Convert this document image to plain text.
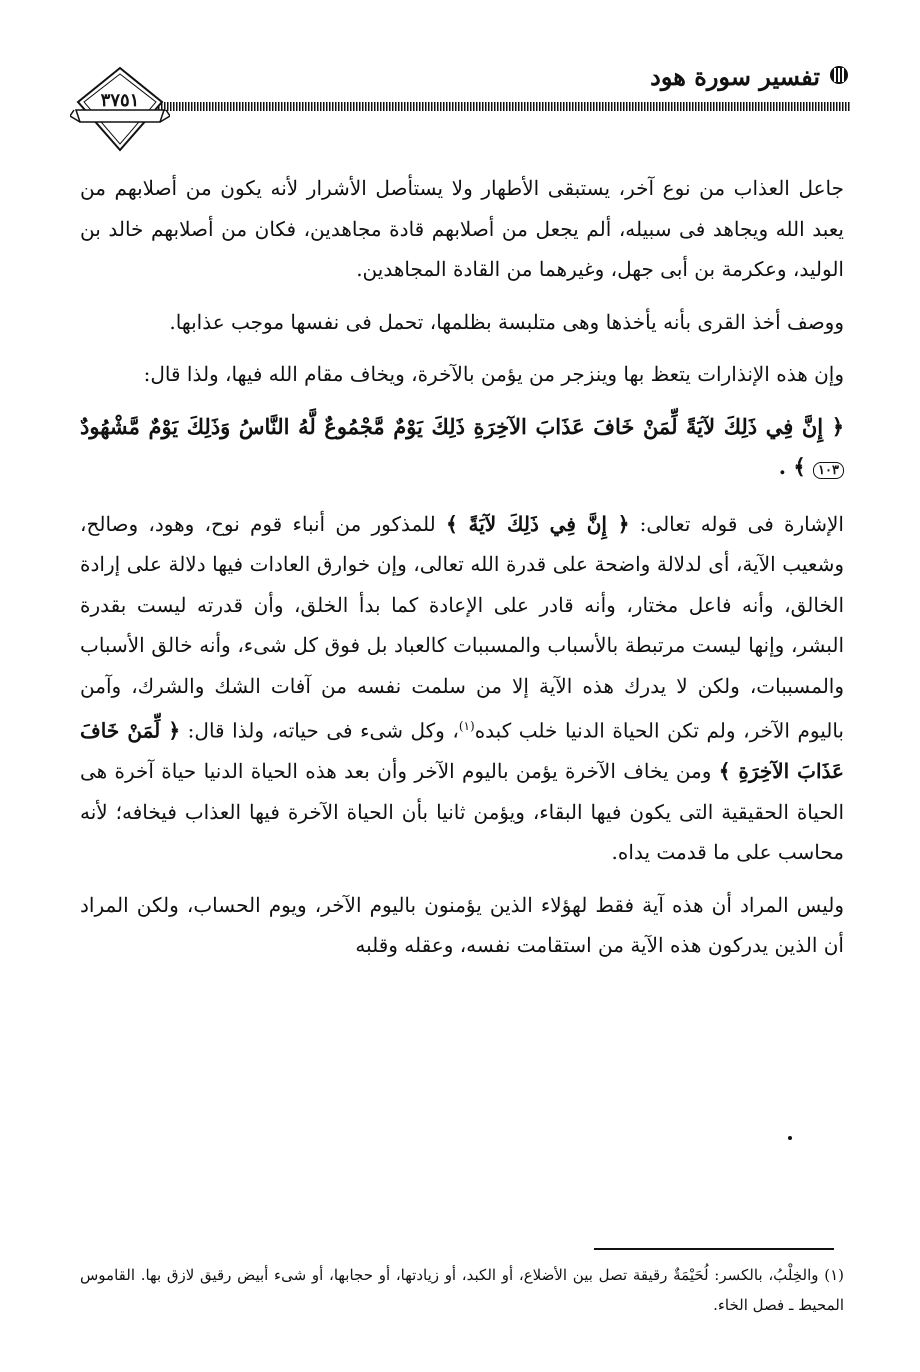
تفسير سورة هود
٣٧٥١

جاعل العذاب من نوع آخر، يستبقى الأطهار ولا يستأصل الأشرار لأنه يكون من أصلابهم من يعبد الله ويجاهد فى سبيله، ألم يجعل من أصلابهم قادة مجاهدين، فكان من أصلابهم خالد بن الوليد، وعكرمة بن أبى جهل، وغيرهما من القادة المجاهدين.

ووصف أخذ القرى بأنه يأخذها وهى متلبسة بظلمها، تحمل فى نفسها موجب عذابها.

وإن هذه الإنذارات يتعظ بها وينزجر من يؤمن بالآخرة، ويخاف مقام الله فيها، ولذا قال:

﴿ إِنَّ فِي ذَلِكَ لآيَةً لِّمَنْ خَافَ عَذَابَ الآخِرَةِ ذَلِكَ يَوْمٌ مَّجْمُوعٌ لَّهُ النَّاسُ وَذَلِكَ يَوْمٌ مَّشْهُودٌ ١٠٣ ﴾ .

الإشارة فى قوله تعالى: ﴿ إِنَّ فِي ذَلِكَ لآيَةً ﴾ للمذكور من أنباء قوم نوح، وهود، وصالح، وشعيب الآية، أى لدلالة واضحة على قدرة الله تعالى، وإن خوارق العادات فيها دلالة على إرادة الخالق، وأنه فاعل مختار، وأنه قادر على الإعادة كما بدأ الخلق، وأن قدرته ليست بقدرة البشر، وإنها ليست مرتبطة بالأسباب والمسببات كالعباد بل فوق كل شىء، وأنه خالق الأسباب والمسببات، ولكن لا يدرك هذه الآية إلا من سلمت نفسه من آفات الشك والشرك، وآمن باليوم الآخر، ولم تكن الحياة الدنيا خلب كبده$^{(١)}$، وكل شىء فى حياته، ولذا قال: ﴿ لِّمَنْ خَافَ عَذَابَ الآخِرَةِ ﴾ ومن يخاف الآخرة يؤمن باليوم الآخر وأن بعد هذه الحياة الدنيا حياة آخرة هى الحياة الحقيقية التى يكون فيها البقاء، ويؤمن ثانيا بأن الحياة الآخرة فيها العذاب فيخافه؛ لأنه محاسب على ما قدمت يداه.

وليس المراد أن هذه آية فقط لهؤلاء الذين يؤمنون باليوم الآخر، ويوم الحساب، ولكن المراد أن الذين يدركون هذه الآية من استقامت نفسه، وعقله وقلبه

(١) والخِلْبُ، بالكسر: لُحَيْمَةٌ رقيقة تصل بين الأضلاع، أو الكبد، أو زيادتها، أو حجابها، أو شىء أبيض رقيق لازق بها. القاموس المحيط ـ فصل الخاء.
